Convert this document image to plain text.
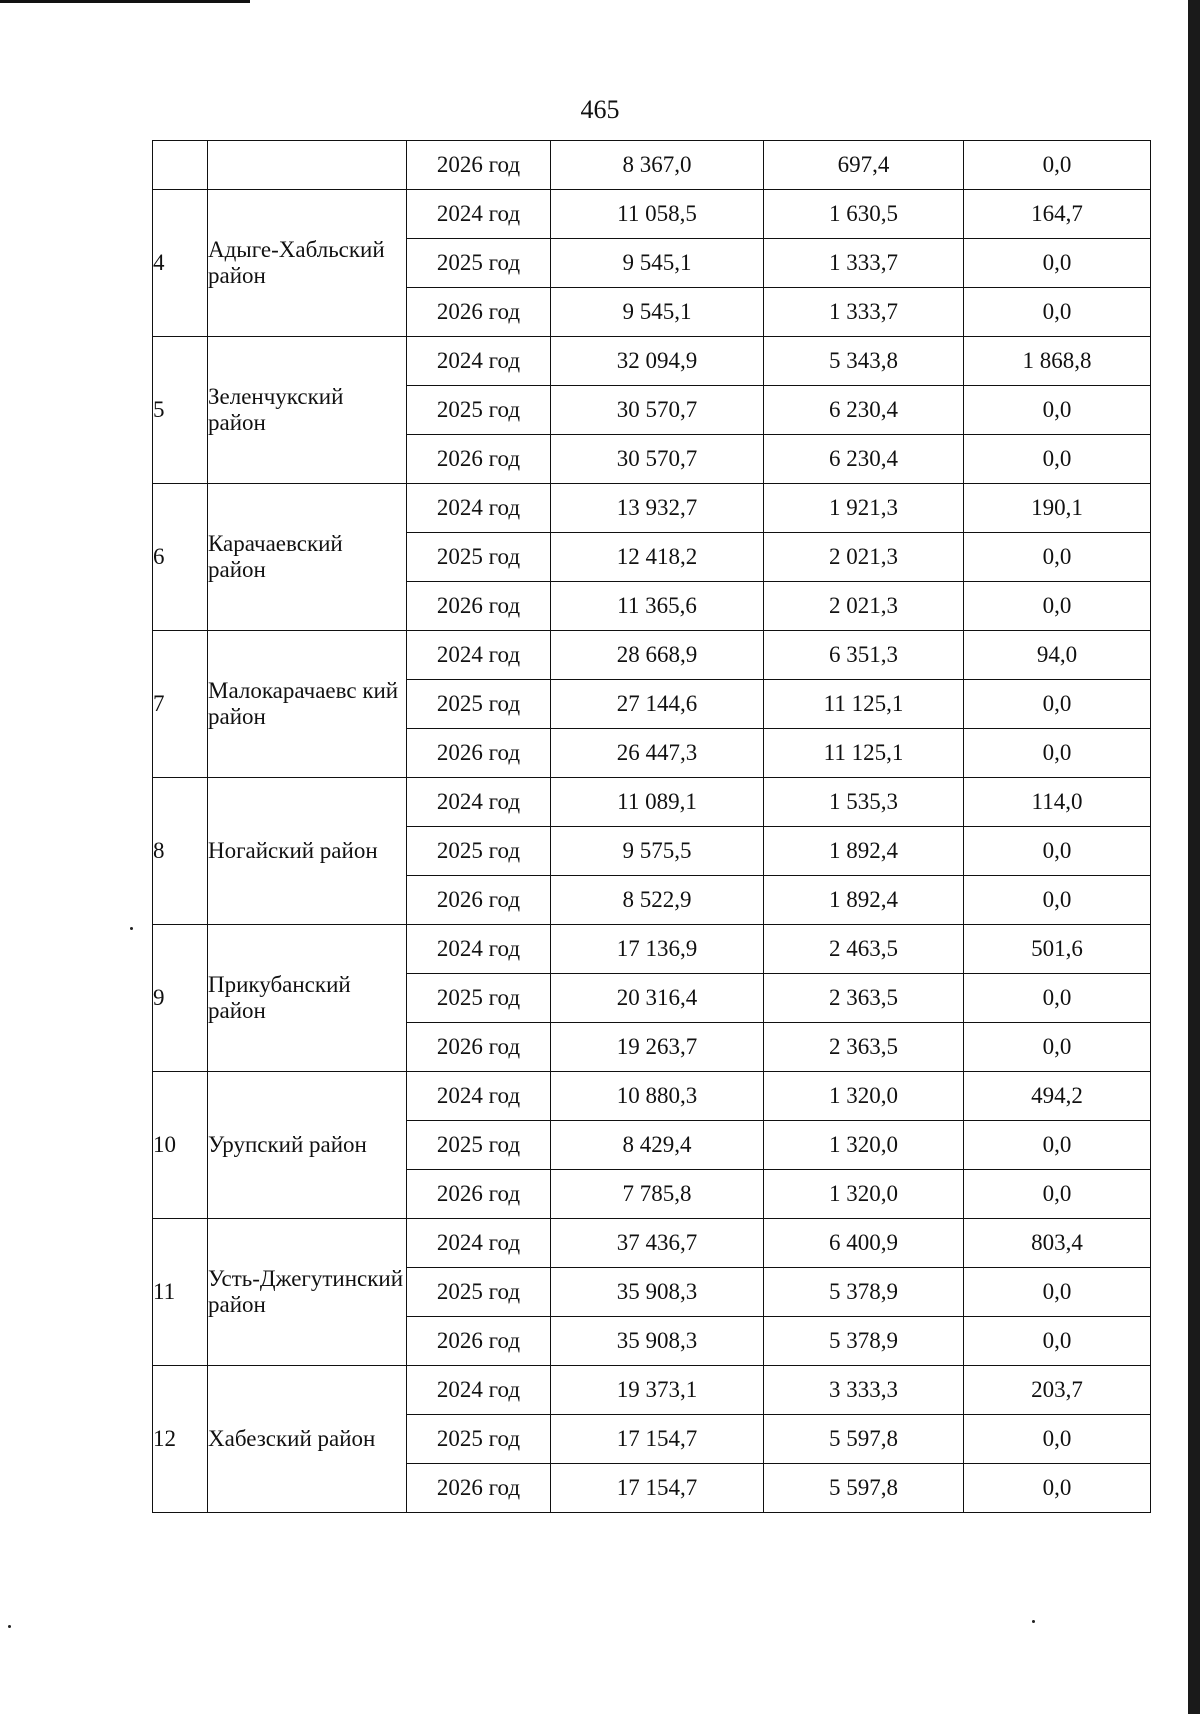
465
		2026 год	8 367,0	697,4	0,0
4	Адыге-Хабльский район	2024 год	11 058,5	1 630,5	164,7
		2025 год	9 545,1	1 333,7	0,0
		2026 год	9 545,1	1 333,7	0,0
5	Зеленчукский район	2024 год	32 094,9	5 343,8	1 868,8
		2025 год	30 570,7	6 230,4	0,0
		2026 год	30 570,7	6 230,4	0,0
6	Карачаевский район	2024 год	13 932,7	1 921,3	190,1
		2025 год	12 418,2	2 021,3	0,0
		2026 год	11 365,6	2 021,3	0,0
7	Малокарачаевс кий район	2024 год	28 668,9	6 351,3	94,0
		2025 год	27 144,6	11 125,1	0,0
		2026 год	26 447,3	11 125,1	0,0
8	Ногайский район	2024 год	11 089,1	1 535,3	114,0
		2025 год	9 575,5	1 892,4	0,0
		2026 год	8 522,9	1 892,4	0,0
9	Прикубанский район	2024 год	17 136,9	2 463,5	501,6
		2025 год	20 316,4	2 363,5	0,0
		2026 год	19 263,7	2 363,5	0,0
10	Урупский район	2024 год	10 880,3	1 320,0	494,2
		2025 год	8 429,4	1 320,0	0,0
		2026 год	7 785,8	1 320,0	0,0
11	Усть-Джегутинский район	2024 год	37 436,7	6 400,9	803,4
		2025 год	35 908,3	5 378,9	0,0
		2026 год	35 908,3	5 378,9	0,0
12	Хабезский район	2024 год	19 373,1	3 333,3	203,7
		2025 год	17 154,7	5 597,8	0,0
		2026 год	17 154,7	5 597,8	0,0
